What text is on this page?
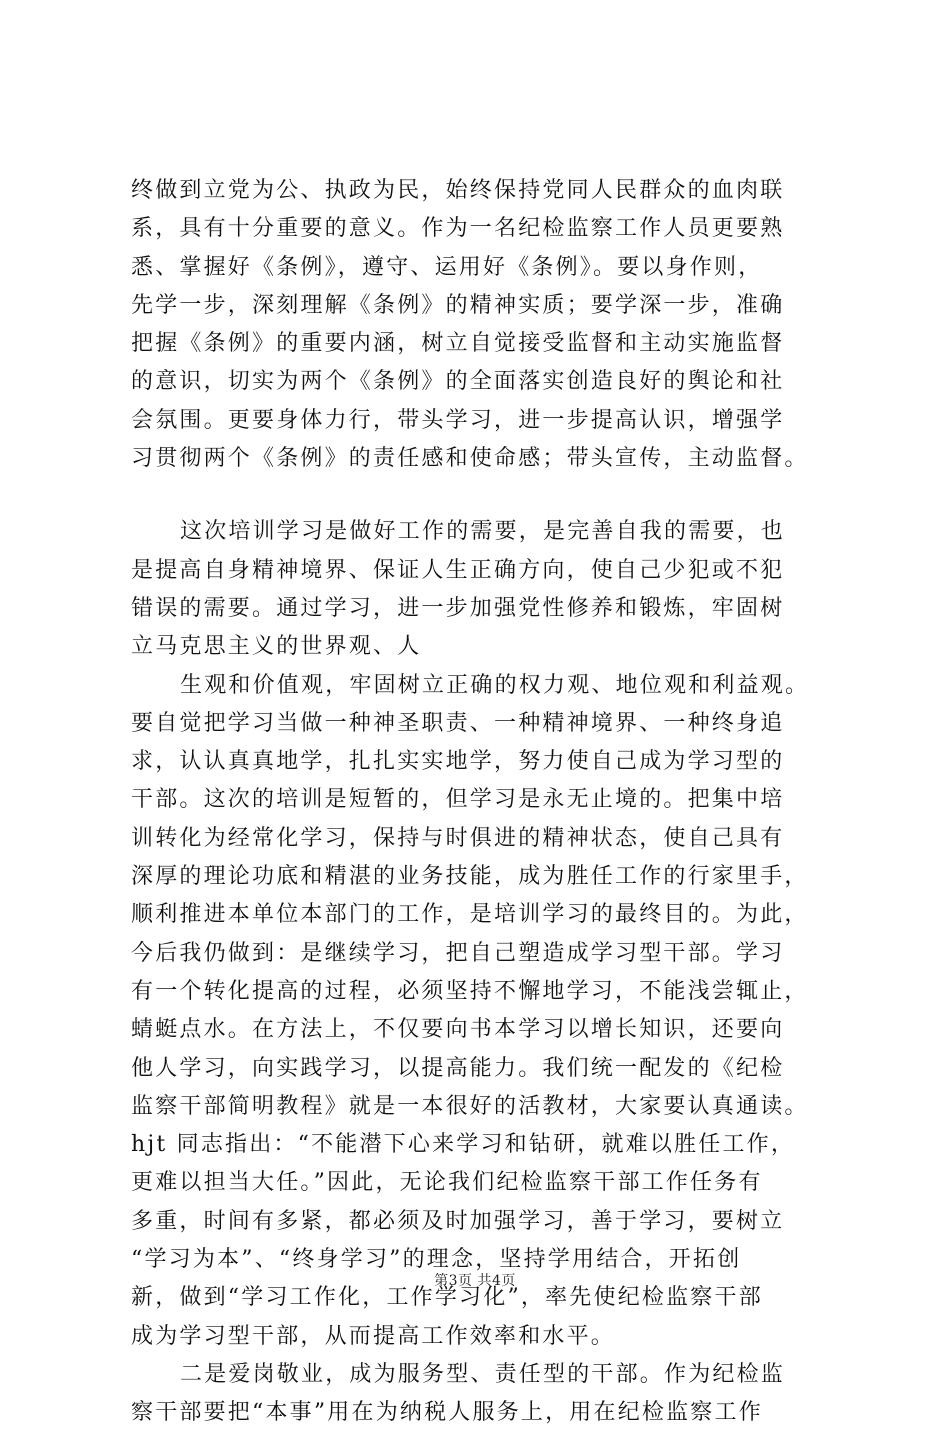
终做到立党为公、执政为民，始终保持党同人民群众的血肉联
系，具有十分重要的意义。作为一名纪检监察工作人员更要熟
悉、掌握好《条例》，遵守、运用好《条例》。要以身作则，
先学一步，深刻理解《条例》的精神实质；要学深一步，准确
把握《条例》的重要内涵，树立自觉接受监督和主动实施监督
的意识，切实为两个《条例》的全面落实创造良好的舆论和社
会氛围。更要身体力行，带头学习，进一步提高认识，增强学
习贯彻两个《条例》的责任感和使命感；带头宣传，主动监督。
这次培训学习是做好工作的需要，是完善自我的需要，也
是提高自身精神境界、保证人生正确方向，使自己少犯或不犯
错误的需要。通过学习，进一步加强党性修养和锻炼，牢固树
立马克思主义的世界观、人
生观和价值观，牢固树立正确的权力观、地位观和利益观。
要自觉把学习当做一种神圣职责、一种精神境界、一种终身追
求，认认真真地学，扎扎实实地学，努力使自己成为学习型的
干部。这次的培训是短暂的，但学习是永无止境的。把集中培
训转化为经常化学习，保持与时俱进的精神状态，使自己具有
深厚的理论功底和精湛的业务技能，成为胜任工作的行家里手，
顺利推进本单位本部门的工作，是培训学习的最终目的。为此，
今后我仍做到：是继续学习，把自己塑造成学习型干部。学习
有一个转化提高的过程，必须坚持不懈地学习，不能浅尝辄止，
蜻蜓点水。在方法上，不仅要向书本学习以增长知识，还要向
他人学习，向实践学习，以提高能力。我们统一配发的《纪检
监察干部简明教程》就是一本很好的活教材，大家要认真通读。
hjt 同志指出：“不能潜下心来学习和钻研，就难以胜任工作，
更难以担当大任。”因此，无论我们纪检监察干部工作任务有
多重，时间有多紧，都必须及时加强学习，善于学习，要树立
“学习为本”、“终身学习”的理念，坚持学用结合，开拓创
新，做到“学习工作化，工作学习化”，率先使纪检监察干部
成为学习型干部，从而提高工作效率和水平。
二是爱岗敬业，成为服务型、责任型的干部。作为纪检监
察干部要把“本事”用在为纳税人服务上，用在纪检监察工作
第3页 共4页
